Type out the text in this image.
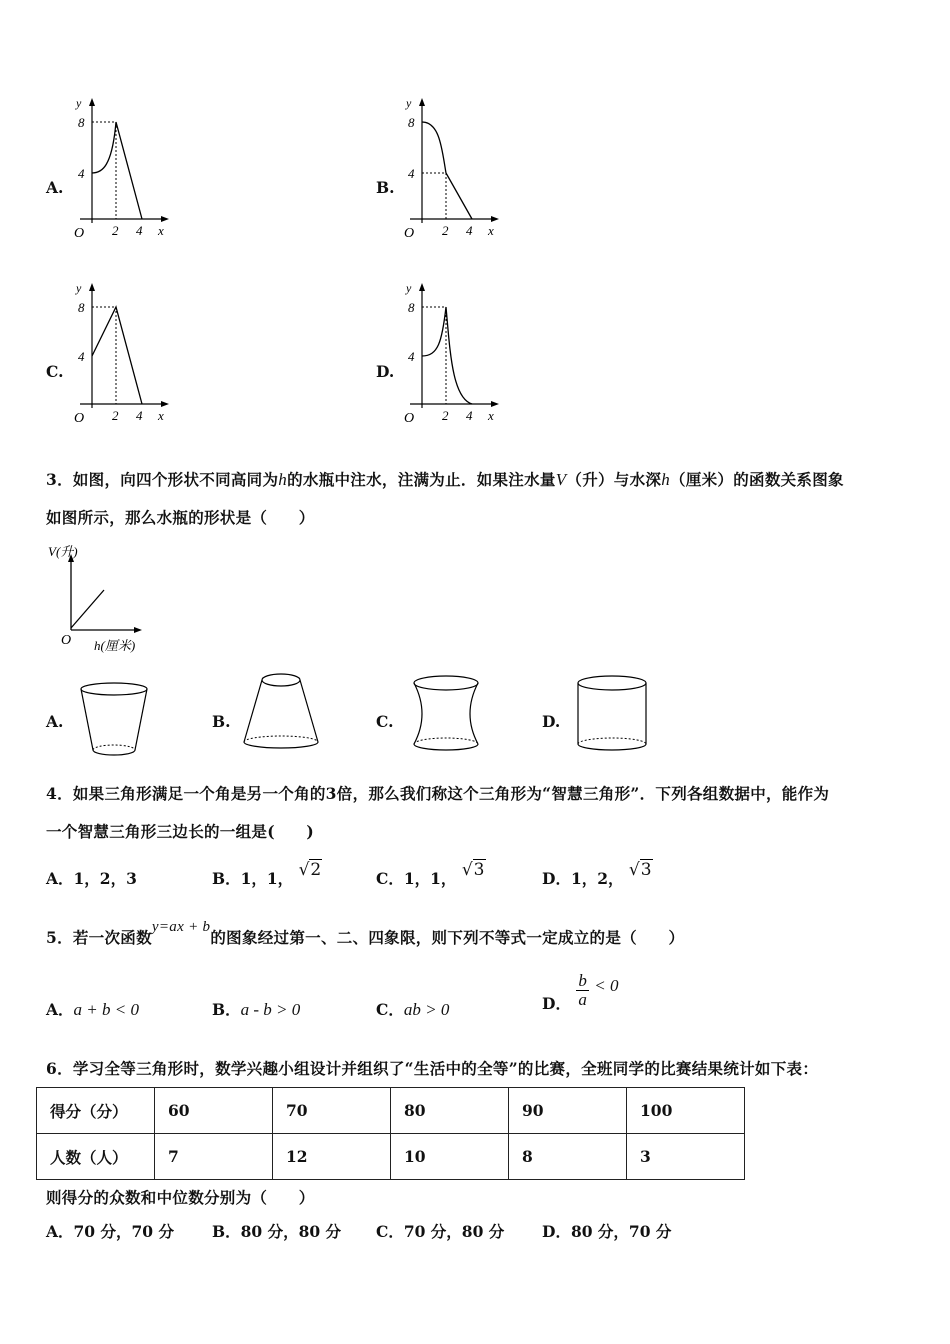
A.
y
8
4
2 4
O	x
B.
y
8
4
2 4
O	x
C.
y
8
4
2 4
O	x
D.
y
8
4
2 4
O	x
3．如图，向四个形状不同高同为h的水瓶中注水，注满为止．如果注水量V（升）与水深h（厘米）的函数关系图象
如图所示，那么水瓶的形状是（　　）
V(升)
O h(厘米)
A.	B.	C.	D.
4．如果三角形满足一个角是另一个角的3倍，那么我们称这个三角形为“智慧三角形”．下列各组数据中，能作为
一个智慧三角形三边长的一组是(　　)
A．1，2，3	B．1，1， √2	C．1，1， √3	D．1，2， √3
5．若一次函数y=ax + b的图象经过第一、二、四象限，则下列不等式一定成立的是（　　）
A．a + b < 0	B．a - b > 0	C．ab > 0	D． $\frac{b}{a} < 0$
6．学习全等三角形时，数学兴趣小组设计并组织了“生活中的全等”的比赛，全班同学的比赛结果统计如下表：
得分（分）	60	70	80	90	100
人数（人）	7	12	10	8	3
则得分的众数和中位数分别为（　　）
A．70 分，70 分 B．80 分，80 分 C．70 分，80 分 D．80 分，70 分
